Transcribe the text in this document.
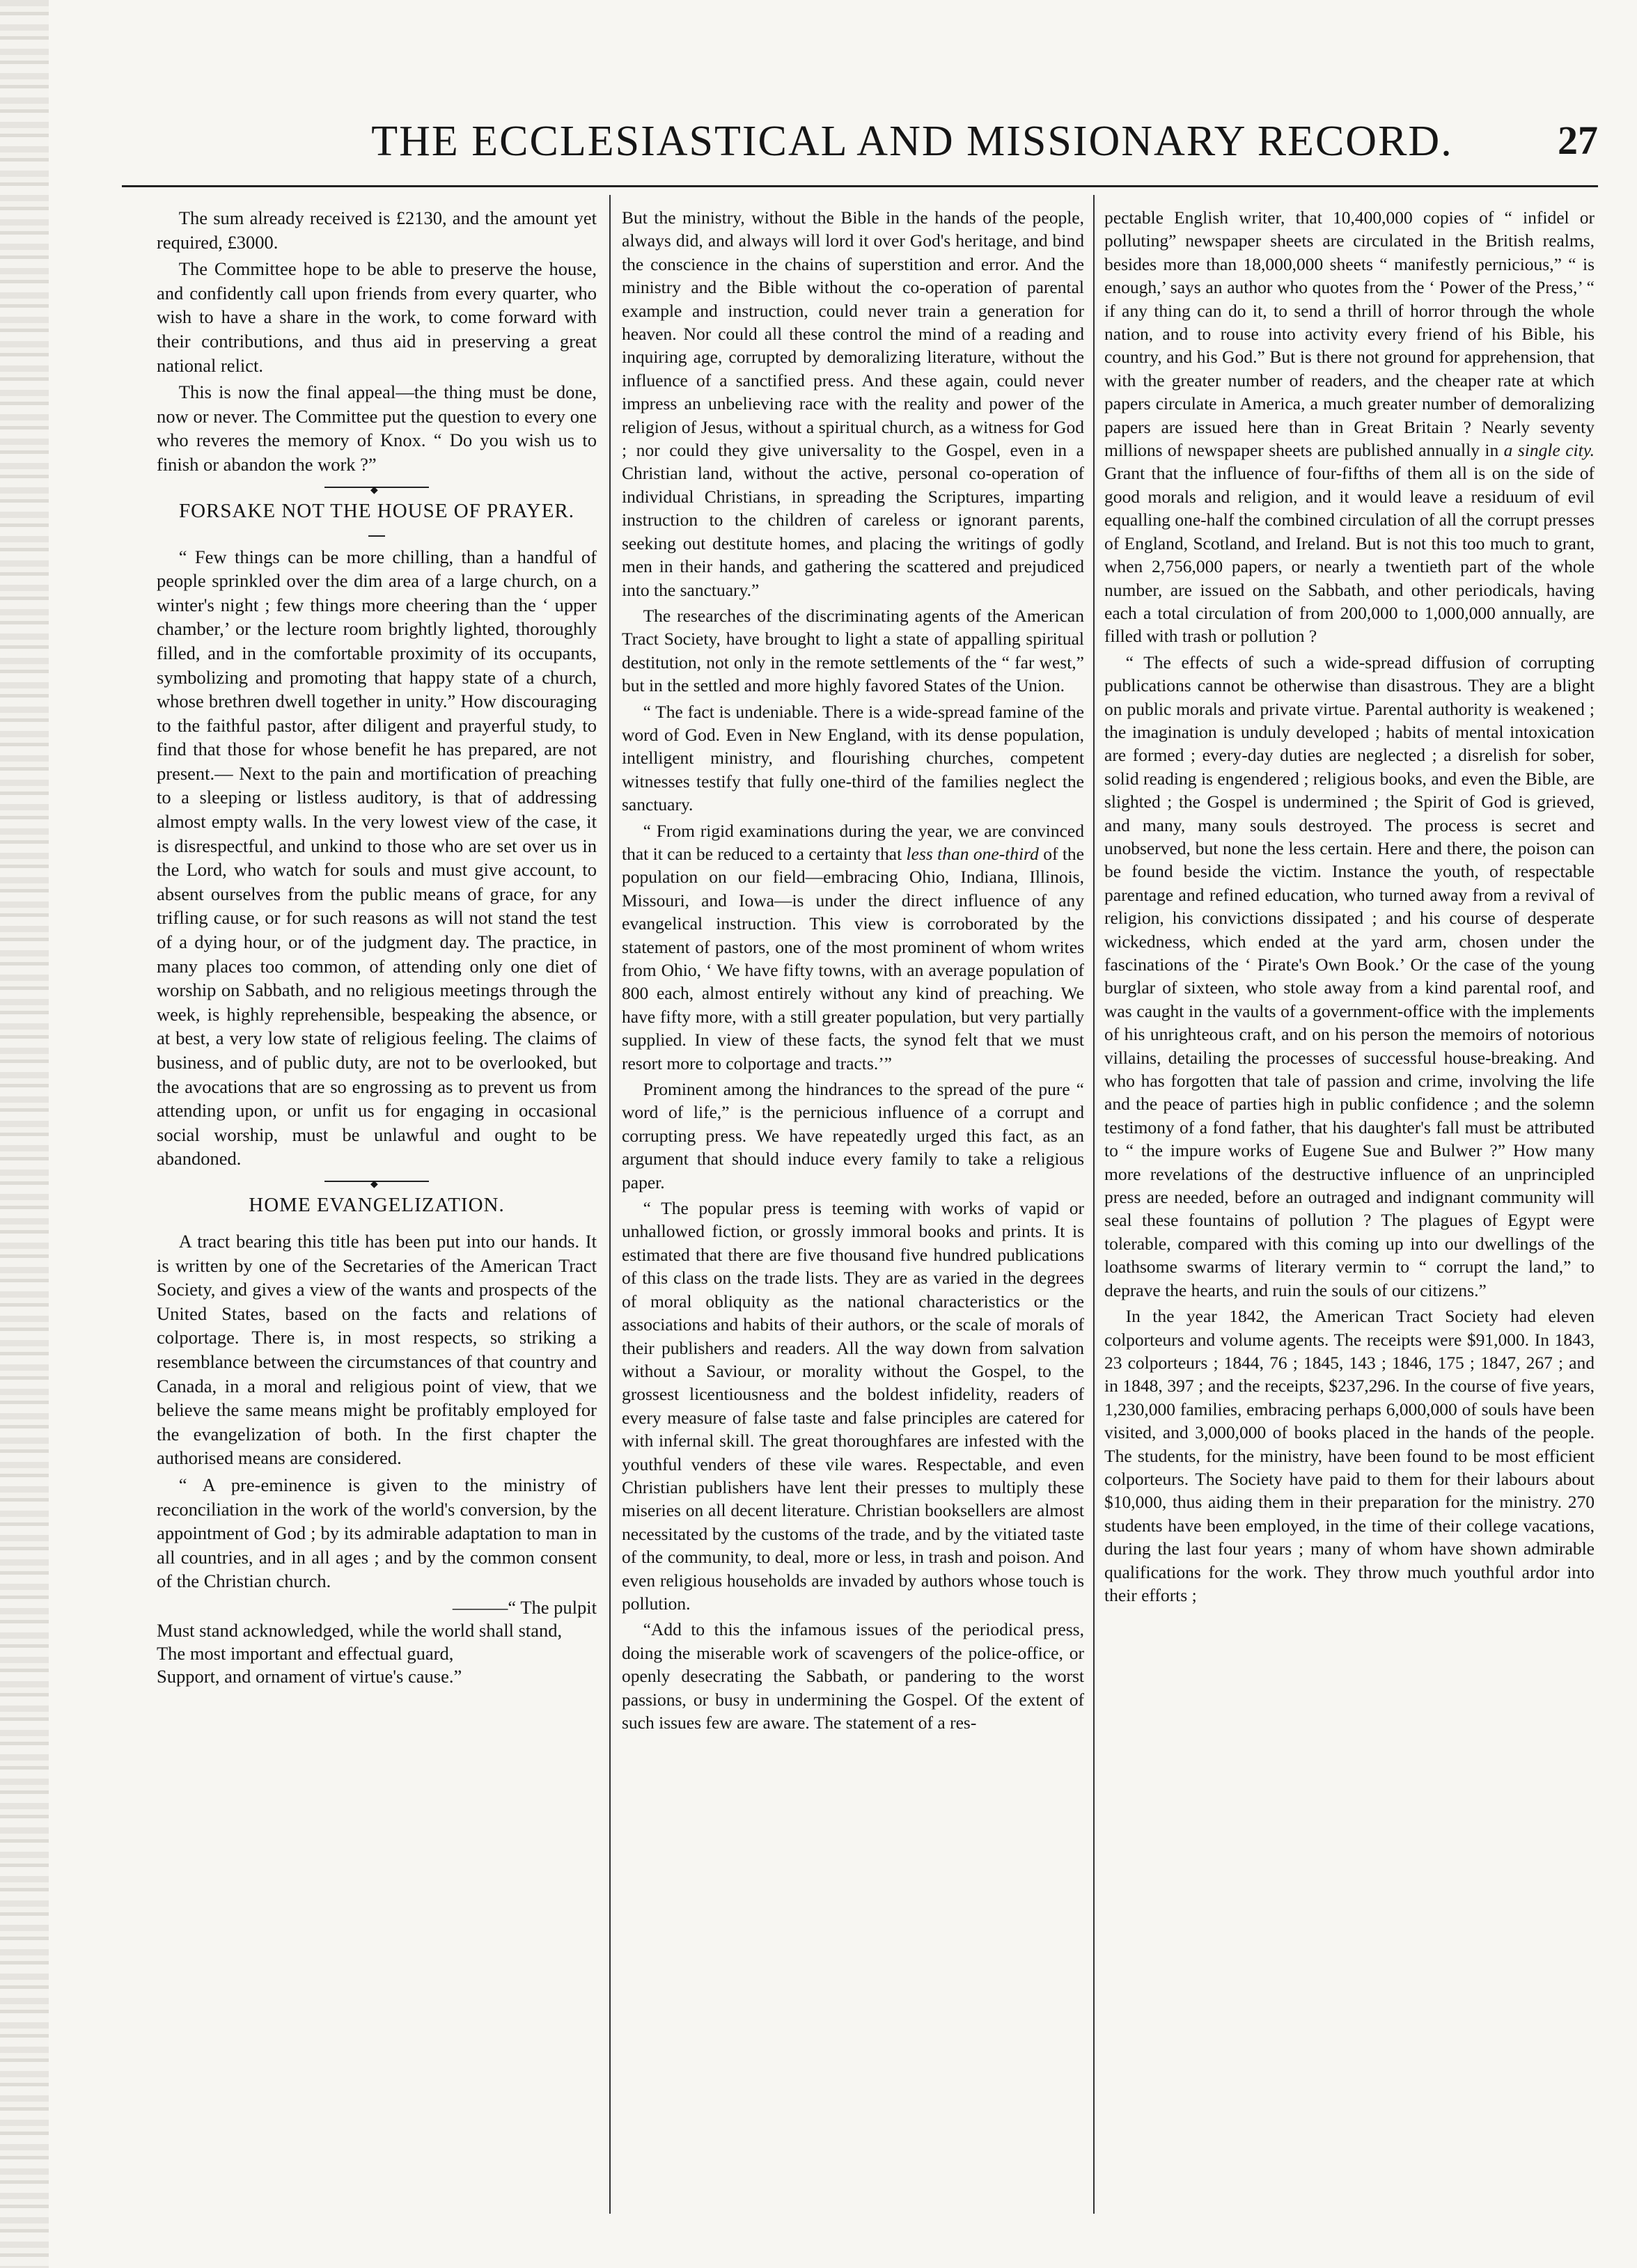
THE ECCLESIASTICAL AND MISSIONARY RECORD.	27

The sum already received is £2130, and the amount yet required, £3000.

The Committee hope to be able to preserve the house, and confidently call upon friends from every quarter, who wish to have a share in the work, to come forward with their contributions, and thus aid in preserving a great national relict.

This is now the final appeal—the thing must be done, now or never. The Committee put the question to every one who reveres the memory of Knox. “ Do you wish us to finish or abandon the work ?”

◆
FORSAKE NOT THE HOUSE OF PRAYER.

“ Few things can be more chilling, than a handful of people sprinkled over the dim area of a large church, on a winter's night ; few things more cheering than the ‘ upper chamber,’ or the lecture room brightly lighted, thoroughly filled, and in the comfortable proximity of its occupants, symbolizing and promoting that happy state of a church, whose brethren dwell together in unity.” How discouraging to the faithful pastor, after diligent and prayerful study, to find that those for whose benefit he has prepared, are not present.— Next to the pain and mortification of preaching to a sleeping or listless auditory, is that of addressing almost empty walls. In the very lowest view of the case, it is disrespectful, and unkind to those who are set over us in the Lord, who watch for souls and must give account, to absent ourselves from the public means of grace, for any trifling cause, or for such reasons as will not stand the test of a dying hour, or of the judgment day. The practice, in many places too common, of attending only one diet of worship on Sabbath, and no religious meetings through the week, is highly reprehensible, bespeaking the absence, or at best, a very low state of religious feeling. The claims of business, and of public duty, are not to be overlooked, but the avocations that are so engrossing as to prevent us from attending upon, or unfit us for engaging in occasional social worship, must be unlawful and ought to be abandoned.

◆
HOME EVANGELIZATION.

A tract bearing this title has been put into our hands. It is written by one of the Secretaries of the American Tract Society, and gives a view of the wants and prospects of the United States, based on the facts and relations of colportage. There is, in most respects, so striking a resemblance between the circumstances of that country and Canada, in a moral and religious point of view, that we believe the same means might be profitably employed for the evangelization of both. In the first chapter the authorised means are considered.

“ A pre-eminence is given to the ministry of reconciliation in the work of the world's conversion, by the appointment of God ; by its admirable adaptation to man in all countries, and in all ages ; and by the common consent of the Christian church.

———“ The pulpit
Must stand acknowledged, while the world shall stand,
The most important and effectual guard,
Support, and ornament of virtue's cause.”

But the ministry, without the Bible in the hands of the people, always did, and always will lord it over God's heritage, and bind the conscience in the chains of superstition and error. And the ministry and the Bible without the co-operation of parental example and instruction, could never train a generation for heaven. Nor could all these control the mind of a reading and inquiring age, corrupted by demoralizing literature, without the influence of a sanctified press. And these again, could never impress an unbelieving race with the reality and power of the religion of Jesus, without a spiritual church, as a witness for God ; nor could they give universality to the Gospel, even in a Christian land, without the active, personal co-operation of individual Christians, in spreading the Scriptures, imparting instruction to the children of careless or ignorant parents, seeking out destitute homes, and placing the writings of godly men in their hands, and gathering the scattered and prejudiced into the sanctuary.”

The researches of the discriminating agents of the American Tract Society, have brought to light a state of appalling spiritual destitution, not only in the remote settlements of the “ far west,” but in the settled and more highly favored States of the Union.

“ The fact is undeniable. There is a wide-spread famine of the word of God. Even in New England, with its dense population, intelligent ministry, and flourishing churches, competent witnesses testify that fully one-third of the families neglect the sanctuary.

“ From rigid examinations during the year, we are convinced that it can be reduced to a certainty that less than one-third of the population on our field—embracing Ohio, Indiana, Illinois, Missouri, and Iowa—is under the direct influence of any evangelical instruction. This view is corroborated by the statement of pastors, one of the most prominent of whom writes from Ohio, ‘ We have fifty towns, with an average population of 800 each, almost entirely without any kind of preaching. We have fifty more, with a still greater population, but very partially supplied. In view of these facts, the synod felt that we must resort more to colportage and tracts.’”

Prominent among the hindrances to the spread of the pure “ word of life,” is the pernicious influence of a corrupt and corrupting press. We have repeatedly urged this fact, as an argument that should induce every family to take a religious paper.

“ The popular press is teeming with works of vapid or unhallowed fiction, or grossly immoral books and prints. It is estimated that there are five thousand five hundred publications of this class on the trade lists. They are as varied in the degrees of moral obliquity as the national characteristics or the associations and habits of their authors, or the scale of morals of their publishers and readers. All the way down from salvation without a Saviour, or morality without the Gospel, to the grossest licentiousness and the boldest infidelity, readers of every measure of false taste and false principles are catered for with infernal skill. The great thoroughfares are infested with the youthful venders of these vile wares. Respectable, and even Christian publishers have lent their presses to multiply these miseries on all decent literature. Christian booksellers are almost necessitated by the customs of the trade, and by the vitiated taste of the community, to deal, more or less, in trash and poison. And even religious households are invaded by authors whose touch is pollution.

“Add to this the infamous issues of the periodical press, doing the miserable work of scavengers of the police-office, or openly desecrating the Sabbath, or pandering to the worst passions, or busy in undermining the Gospel. Of the extent of such issues few are aware. The statement of a res-

pectable English writer, that 10,400,000 copies of “ infidel or polluting” newspaper sheets are circulated in the British realms, besides more than 18,000,000 sheets “ manifestly pernicious,” “ is enough,’ says an author who quotes from the ‘ Power of the Press,’ “ if any thing can do it, to send a thrill of horror through the whole nation, and to rouse into activity every friend of his Bible, his country, and his God.” But is there not ground for apprehension, that with the greater number of readers, and the cheaper rate at which papers circulate in America, a much greater number of demoralizing papers are issued here than in Great Britain ? Nearly seventy millions of newspaper sheets are published annually in a single city. Grant that the influence of four-fifths of them all is on the side of good morals and religion, and it would leave a residuum of evil equalling one-half the combined circulation of all the corrupt presses of England, Scotland, and Ireland. But is not this too much to grant, when 2,756,000 papers, or nearly a twentieth part of the whole number, are issued on the Sabbath, and other periodicals, having each a total circulation of from 200,000 to 1,000,000 annually, are filled with trash or pollution ?

“ The effects of such a wide-spread diffusion of corrupting publications cannot be otherwise than disastrous. They are a blight on public morals and private virtue. Parental authority is weakened ; the imagination is unduly developed ; habits of mental intoxication are formed ; every-day duties are neglected ; a disrelish for sober, solid reading is engendered ; religious books, and even the Bible, are slighted ; the Gospel is undermined ; the Spirit of God is grieved, and many, many souls destroyed. The process is secret and unobserved, but none the less certain. Here and there, the poison can be found beside the victim. Instance the youth, of respectable parentage and refined education, who turned away from a revival of religion, his convictions dissipated ; and his course of desperate wickedness, which ended at the yard arm, chosen under the fascinations of the ‘ Pirate's Own Book.’ Or the case of the young burglar of sixteen, who stole away from a kind parental roof, and was caught in the vaults of a government-office with the implements of his unrighteous craft, and on his person the memoirs of notorious villains, detailing the processes of successful house-breaking. And who has forgotten that tale of passion and crime, involving the life and the peace of parties high in public confidence ; and the solemn testimony of a fond father, that his daughter's fall must be attributed to “ the impure works of Eugene Sue and Bulwer ?” How many more revelations of the destructive influence of an unprincipled press are needed, before an outraged and indignant community will seal these fountains of pollution ? The plagues of Egypt were tolerable, compared with this coming up into our dwellings of the loathsome swarms of literary vermin to “ corrupt the land,” to deprave the hearts, and ruin the souls of our citizens.”

In the year 1842, the American Tract Society had eleven colporteurs and volume agents. The receipts were $91,000. In 1843, 23 colporteurs ; 1844, 76 ; 1845, 143 ; 1846, 175 ; 1847, 267 ; and in 1848, 397 ; and the receipts, $237,296. In the course of five years, 1,230,000 families, embracing perhaps 6,000,000 of souls have been visited, and 3,000,000 of books placed in the hands of the people. The students, for the ministry, have been found to be most efficient colporteurs. The Society have paid to them for their labours about $10,000, thus aiding them in their preparation for the ministry. 270 students have been employed, in the time of their college vacations, during the last four years ; many of whom have shown admirable qualifications for the work. They throw much youthful ardor into their efforts ;
